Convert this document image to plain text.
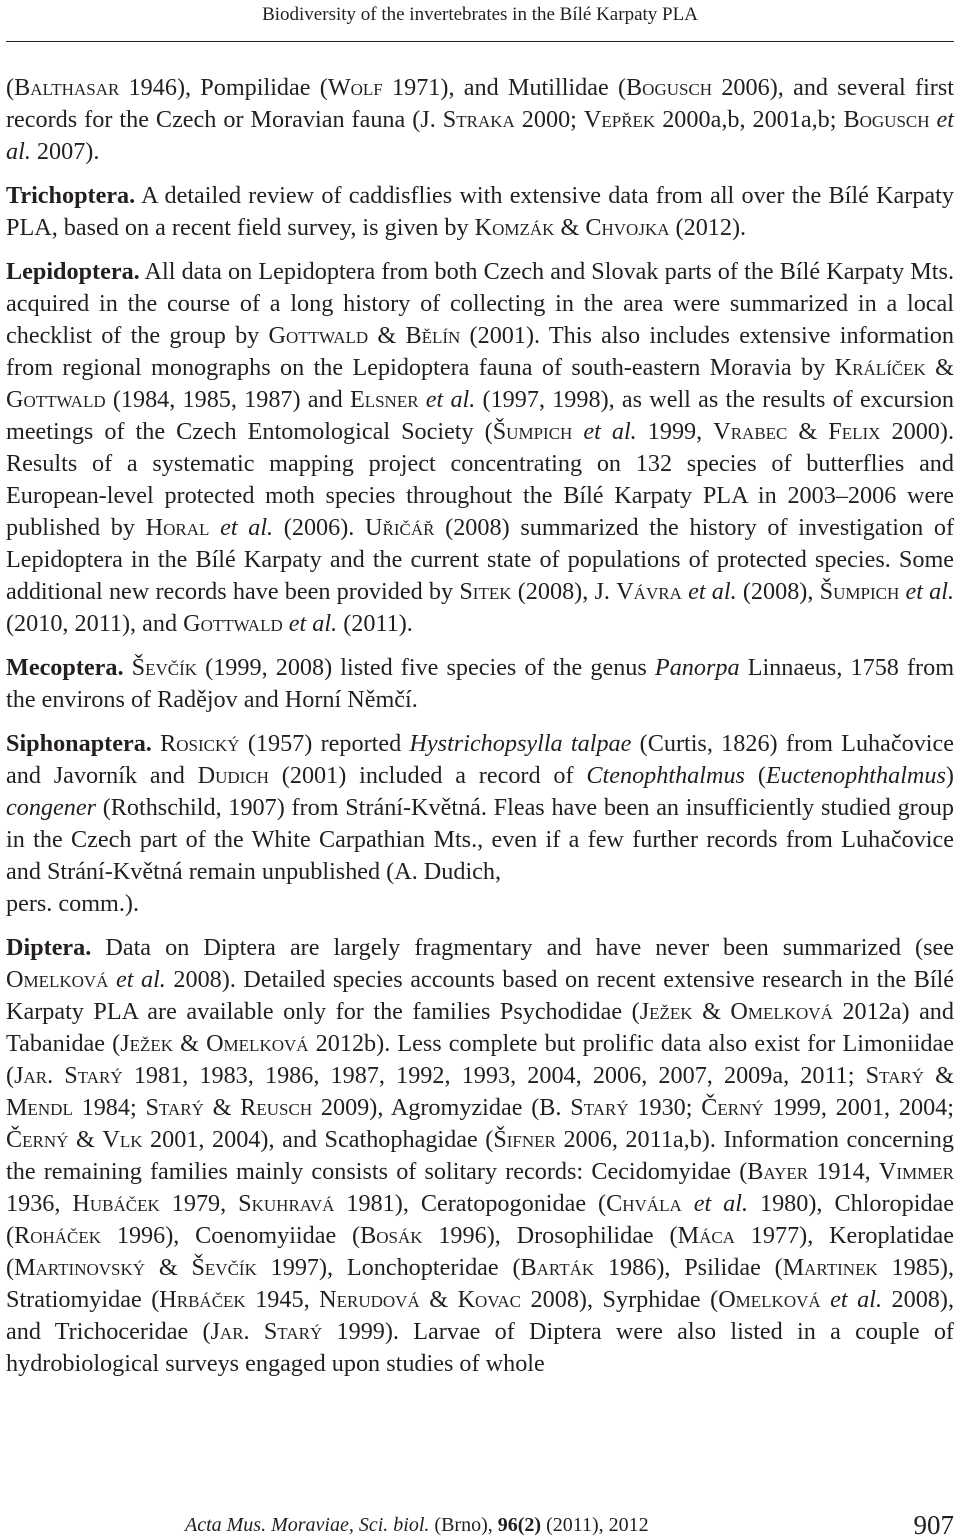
Biodiversity of the invertebrates in the Bílé Karpaty PLA

(Balthasar 1946), Pompilidae (Wolf 1971), and Mutillidae (Bogusch 2006), and several first records for the Czech or Moravian fauna (J. Straka 2000; Vepřek 2000a,b, 2001a,b; Bogusch et al. 2007).

Trichoptera. A detailed review of caddisflies with extensive data from all over the Bílé Karpaty PLA, based on a recent field survey, is given by Komzák & Chvojka (2012).

Lepidoptera. All data on Lepidoptera from both Czech and Slovak parts of the Bílé Karpaty Mts. acquired in the course of a long history of collecting in the area were summarized in a local checklist of the group by Gottwald & Bělín (2001). This also includes extensive information from regional monographs on the Lepidoptera fauna of south-eastern Moravia by Králíček & Gottwald (1984, 1985, 1987) and Elsner et al. (1997, 1998), as well as the results of excursion meetings of the Czech Entomological Society (Šumpich et al. 1999, Vrabec & Felix 2000). Results of a systematic mapping project concentrating on 132 species of butterflies and European-level protected moth species throughout the Bílé Karpaty PLA in 2003–2006 were published by Horal et al. (2006). Uřičář (2008) summarized the history of investigation of Lepidoptera in the Bílé Karpaty and the current state of populations of protected species. Some additional new records have been provided by Sitek (2008), J. Vávra et al. (2008), Šumpich et al. (2010, 2011), and Gottwald et al. (2011).

Mecoptera. Ševčík (1999, 2008) listed five species of the genus Panorpa Linnaeus, 1758 from the environs of Radějov and Horní Němčí.

Siphonaptera. Rosický (1957) reported Hystrichopsylla talpae (Curtis, 1826) from Luhačovice and Javorník and Dudich (2001) included a record of Ctenophthalmus (Euctenophthalmus) congener (Rothschild, 1907) from Strání-Květná. Fleas have been an insufficiently studied group in the Czech part of the White Carpathian Mts., even if a few further records from Luhačovice and Strání-Květná remain unpublished (A. Dudich,

pers. comm.).

Diptera. Data on Diptera are largely fragmentary and have never been summarized (see Omelková et al. 2008). Detailed species accounts based on recent extensive research in the Bílé Karpaty PLA are available only for the families Psychodidae (Ježek & Omelková 2012a) and Tabanidae (Ježek & Omelková 2012b). Less complete but prolific data also exist for Limoniidae (Jar. Starý 1981, 1983, 1986, 1987, 1992, 1993, 2004, 2006, 2007, 2009a, 2011; Starý & Mendl 1984; Starý & Reusch 2009), Agromyzidae (B. Starý 1930; Černý 1999, 2001, 2004; Černý & Vlk 2001, 2004), and Scathophagidae (Šifner 2006, 2011a,b). Information concerning the remaining families mainly consists of solitary records: Cecidomyidae (Bayer 1914, Vimmer 1936, Hubáček 1979, Skuhravá 1981), Ceratopogonidae (Chvála et al. 1980), Chloropidae (Roháček 1996), Coenomyiidae (Bosák 1996), Drosophilidae (Máca 1977), Keroplatidae (Martinovský & Ševčík 1997), Lonchopteridae (Barták 1986), Psilidae (Martinek 1985), Stratiomyidae (Hrbáček 1945, Nerudová & Kovac 2008), Syrphidae (Omelková et al. 2008), and Trichoceridae (Jar. Starý 1999). Larvae of Diptera were also listed in a couple of hydrobiological surveys engaged upon studies of whole

Acta Mus. Moraviae, Sci. biol. (Brno), 96(2) (2011), 2012	907
